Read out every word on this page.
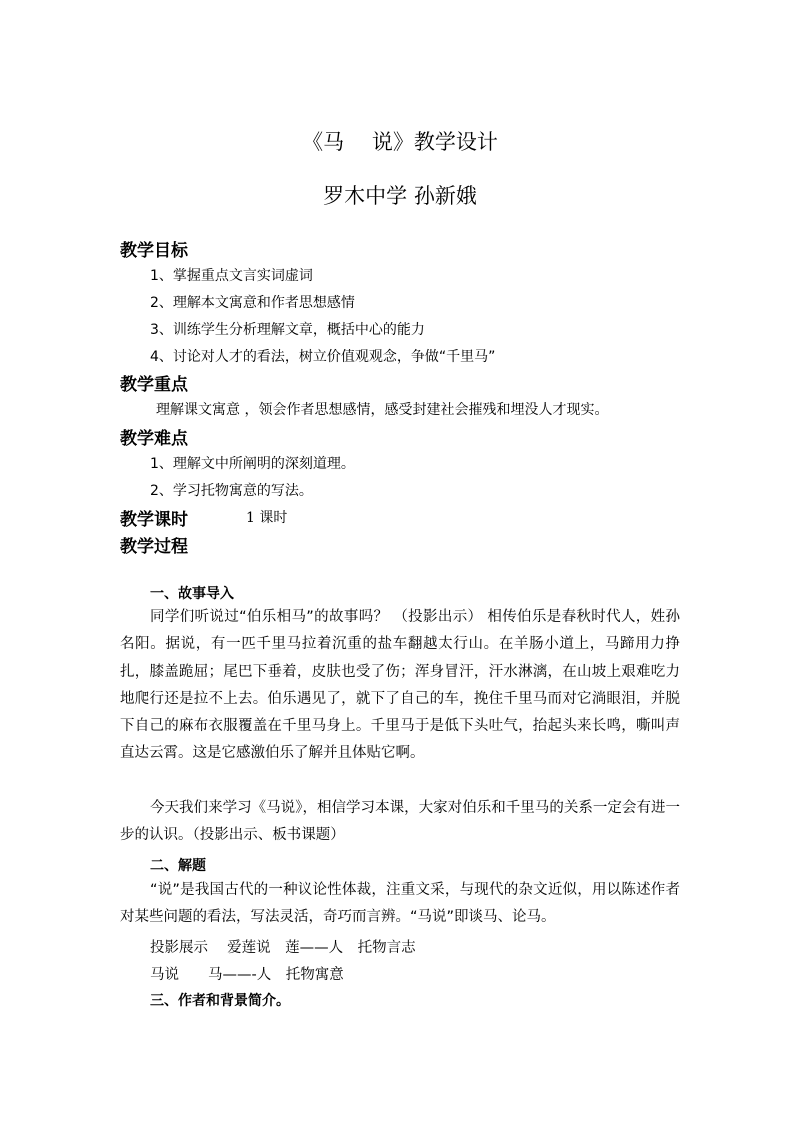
《马　 说》教学设计
罗木中学 孙新娥
教学目标
1、掌握重点文言实词虚词
2、理解本文寓意和作者思想感情
3、训练学生分析理解文章，概括中心的能力
4、讨论对人才的看法，树立价值观观念，争做“千里马”
教学重点
理解课文寓意 ，领会作者思想感情，感受封建社会摧残和埋没人才现实。
教学难点
1、理解文中所阐明的深刻道理。
2、学习托物寓意的写法。
教学课时	1 课时
教学过程
一、故事导入
同学们听说过“伯乐相马”的故事吗？ （投影出示） 相传伯乐是春秋时代人，姓孙名阳。据说，有一匹千里马拉着沉重的盐车翻越太行山。在羊肠小道上，马蹄用力挣扎，膝盖跪屈；尾巴下垂着，皮肤也受了伤；浑身冒汗，汗水淋漓，在山坡上艰难吃力地爬行还是拉不上去。伯乐遇见了，就下了自己的车，挽住千里马而对它淌眼泪，并脱下自己的麻布衣服覆盖在千里马身上。千里马于是低下头吐气，抬起头来长鸣，嘶叫声直达云霄。这是它感激伯乐了解并且体贴它啊。
今天我们来学习《马说》，相信学习本课，大家对伯乐和千里马的关系一定会有进一步的认识。（投影出示、板书课题）
二、解题
“说”是我国古代的一种议论性体裁，注重文采，与现代的杂文近似，用以陈述作者对某些问题的看法，写法灵活，奇巧而言辨。“马说”即谈马、论马。
投影展示　 爱莲说　莲——人　托物言志
马说　　马——-人　托物寓意
三、作者和背景简介。
